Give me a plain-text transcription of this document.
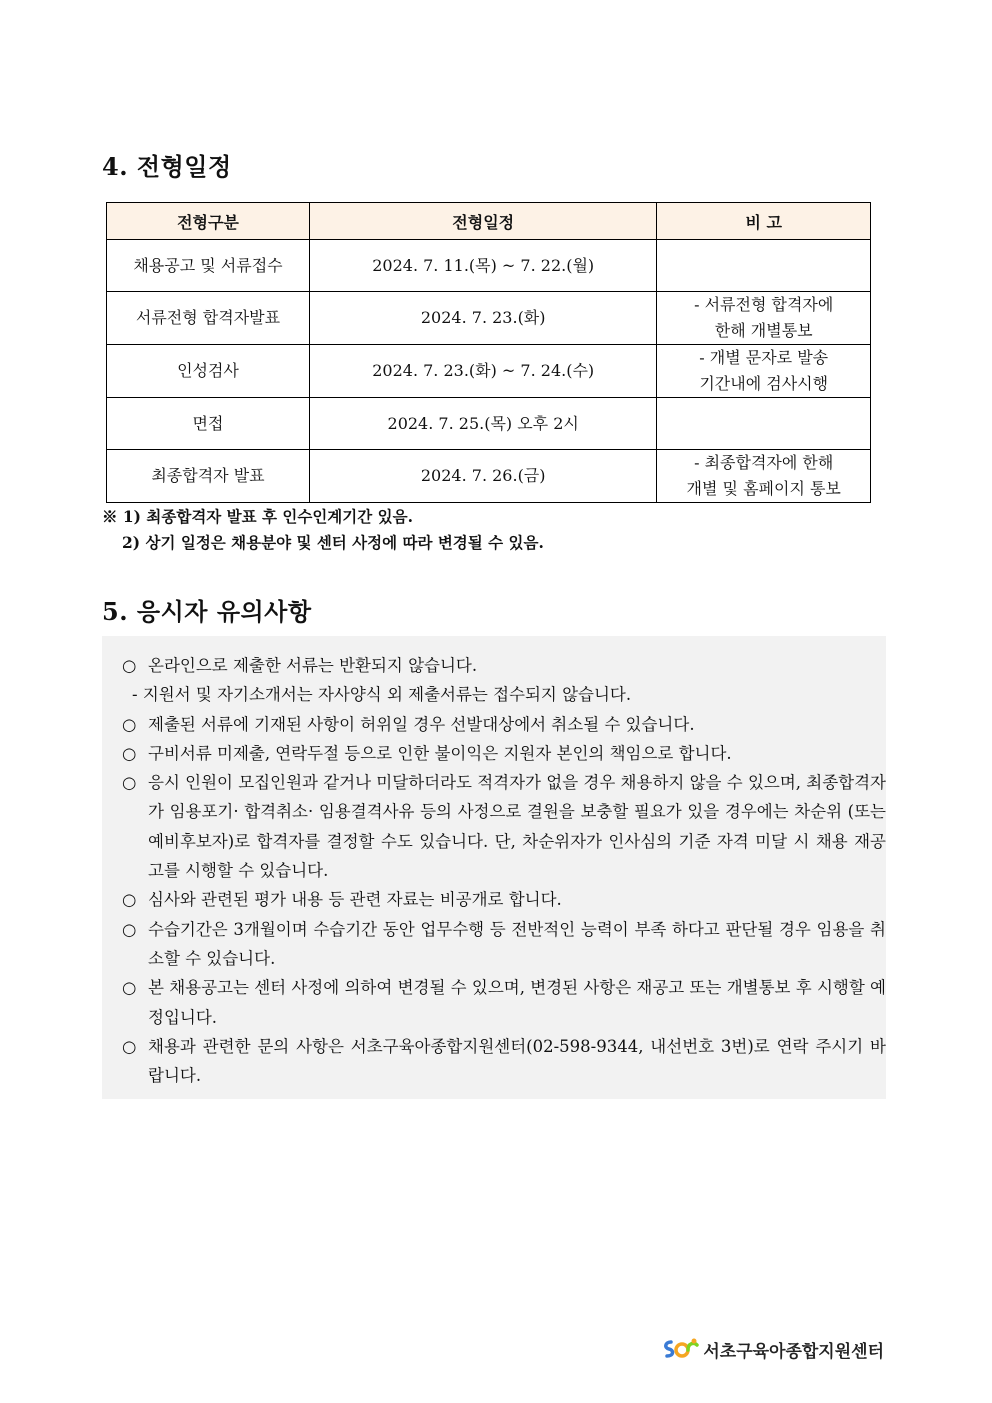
4. 전형일정
전형구분	전형일정	비 고
채용공고 및 서류접수	2024. 7. 11.(목) ~ 7. 22.(월)	
서류전형 합격자발표	2024. 7. 23.(화)	- 서류전형 합격자에
한해 개별통보

인성검사	2024. 7. 23.(화) ~ 7. 24.(수)	- 개별 문자로 발송
기간내에 검사시행

면접	2024. 7. 25.(목) 오후 2시	
최종합격자 발표	2024. 7. 26.(금)	- 최종합격자에 한해
개별 및 홈페이지 통보
※ 1) 최종합격자 발표 후 인수인계기간 있음.
2) 상기 일정은 채용분야 및 센터 사정에 따라 변경될 수 있음.
5. 응시자 유의사항
○ 온라인으로 제출한 서류는 반환되지 않습니다.
- 지원서 및 자기소개서는 자사양식 외 제출서류는 접수되지 않습니다.
○ 제출된 서류에 기재된 사항이 허위일 경우 선발대상에서 취소될 수 있습니다.
○ 구비서류 미제출, 연락두절 등으로 인한 불이익은 지원자 본인의 책임으로 합니다.
○ 응시 인원이 모집인원과 같거나 미달하더라도 적격자가 없을 경우 채용하지 않을 수 있으며, 최종합격자가 임용포기· 합격취소· 임용결격사유 등의 사정으로 결원을 보충할 필요가 있을 경우에는 차순위 (또는 예비후보자)로 합격자를 결정할 수도 있습니다. 단, 차순위자가 인사심의 기준 자격 미달 시 채용 재공고를 시행할 수 있습니다.
○ 심사와 관련된 평가 내용 등 관련 자료는 비공개로 합니다.
○ 수습기간은 3개월이며 수습기간 동안 업무수행 등 전반적인 능력이 부족 하다고 판단될 경우 임용을 취소할 수 있습니다.
○ 본 채용공고는 센터 사정에 의하여 변경될 수 있으며, 변경된 사항은 재공고 또는 개별통보 후 시행할 예정입니다.
○ 채용과 관련한 문의 사항은 서초구육아종합지원센터(02-598-9344, 내선번호 3번)로 연락 주시기 바랍니다.
서초구육아종합지원센터
